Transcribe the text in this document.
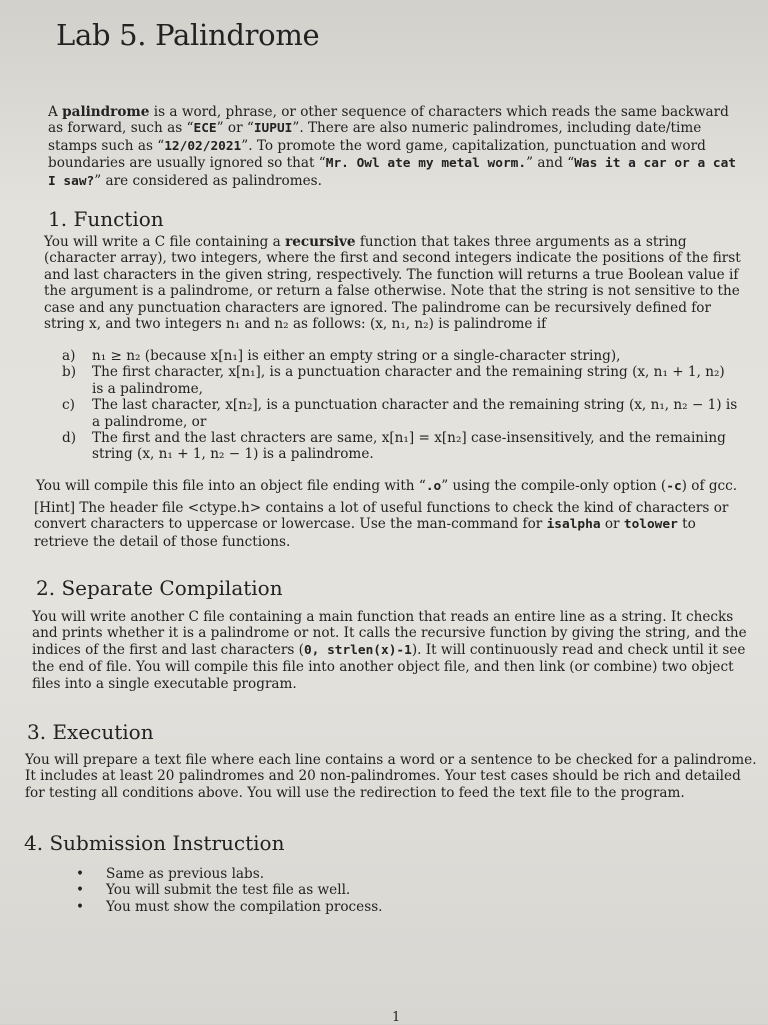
Lab 5. Palindrome
A palindrome is a word, phrase, or other sequence of characters which reads the same backward as forward, such as “ECE” or “IUPUI”. There are also numeric palindromes, including date/time stamps such as “12/02/2021”. To promote the word game, capitalization, punctuation and word boundaries are usually ignored so that “Mr. Owl ate my metal worm.” and “Was it a car or a cat I saw?” are considered as palindromes.
1. Function
You will write a C file containing a recursive function that takes three arguments as a string (character array), two integers, where the first and second integers indicate the positions of the first and last characters in the given string, respectively. The function will returns a true Boolean value if the argument is a palindrome, or return a false otherwise. Note that the string is not sensitive to the case and any punctuation characters are ignored. The palindrome can be recursively defined for string x, and two integers n₁ and n₂ as follows: (x, n₁, n₂) is palindrome if
a)	n₁ ≥ n₂ (because x[n₁] is either an empty string or a single-character string),
b)	The first character, x[n₁], is a punctuation character and the remaining string (x, n₁ + 1, n₂) is a palindrome,
c)	The last character, x[n₂], is a punctuation character and the remaining string (x, n₁, n₂ − 1) is a palindrome, or
d)	The first and the last chracters are same, x[n₁] = x[n₂] case-insensitively, and the remaining string (x, n₁ + 1, n₂ − 1) is a palindrome.
You will compile this file into an object file ending with “.o” using the compile-only option (-c) of gcc.
[Hint] The header file <ctype.h> contains a lot of useful functions to check the kind of characters or convert characters to uppercase or lowercase. Use the man-command for isalpha or tolower to retrieve the detail of those functions.
2. Separate Compilation
You will write another C file containing a main function that reads an entire line as a string. It checks and prints whether it is a palindrome or not. It calls the recursive function by giving the string, and the indices of the first and last characters (0, strlen(x)-1). It will continuously read and check until it see the end of file. You will compile this file into another object file, and then link (or combine) two object files into a single executable program.
3. Execution
You will prepare a text file where each line contains a word or a sentence to be checked for a palindrome. It includes at least 20 palindromes and 20 non-palindromes. Your test cases should be rich and detailed for testing all conditions above. You will use the redirection to feed the text file to the program.
4. Submission Instruction
•	Same as previous labs.
•	You will submit the test file as well.
•	You must show the compilation process.
1
